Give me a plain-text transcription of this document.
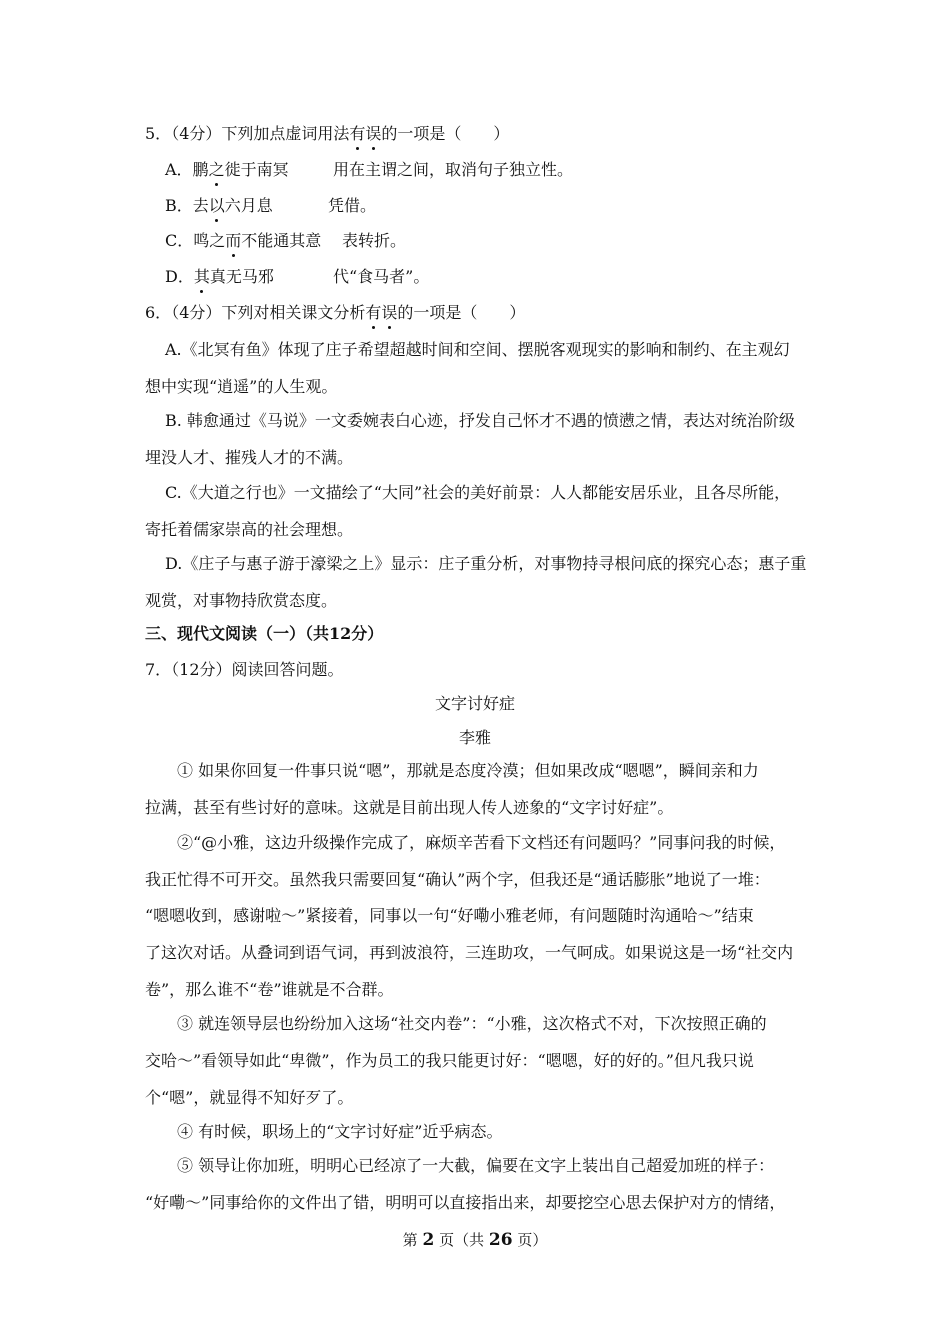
5．（4分）下列加点虚词用法有误的一项是（　　）

A．鹏之徙于南冥	用在主谓之间，取消句子独立性。

B．去以六月息	凭借。

C．鸣之而不能通其意 表转折。

D．其真无马邪	代“食马者”。

6．（4分）下列对相关课文分析有误的一项是（　　）

A.《北冥有鱼》体现了庄子希望超越时间和空间、摆脱客观现实的影响和制约、在主观幻

想中实现“逍遥”的人生观。

B. 韩愈通过《马说》一文委婉表白心迹，抒发自己怀才不遇的愤懑之情，表达对统治阶级

埋没人才、摧残人才的不满。

C.《大道之行也》一文描绘了“大同”社会的美好前景：人人都能安居乐业，且各尽所能，

寄托着儒家崇高的社会理想。

D.《庄子与惠子游于濠梁之上》显示：庄子重分析，对事物持寻根问底的探究心态；惠子重

观赏，对事物持欣赏态度。

三、现代文阅读（一）（共12分）

7．（12分）阅读回答问题。

文字讨好症

李雅

① 如果你回复一件事只说“嗯”，那就是态度冷漠；但如果改成“嗯嗯”，瞬间亲和力

拉满，甚至有些讨好的意味。这就是目前出现人传人迹象的“文字讨好症”。

②“@小雅，这边升级操作完成了，麻烦辛苦看下文档还有问题吗？”同事问我的时候，

我正忙得不可开交。虽然我只需要回复“确认”两个字，但我还是“通话膨胀”地说了一堆：

“嗯嗯收到，感谢啦～”紧接着，同事以一句“好嘞小雅老师，有问题随时沟通哈～”结束

了这次对话。从叠词到语气词，再到波浪符，三连助攻，一气呵成。如果说这是一场“社交内

卷”，那么谁不“卷”谁就是不合群。

③ 就连领导层也纷纷加入这场“社交内卷”：“小雅，这次格式不对，下次按照正确的

交哈～”看领导如此“卑微”，作为员工的我只能更讨好：“嗯嗯，好的好的。”但凡我只说

个“嗯”，就显得不知好歹了。

④ 有时候，职场上的“文字讨好症”近乎病态。

⑤ 领导让你加班，明明心已经凉了一大截，偏要在文字上装出自己超爱加班的样子：

“好嘞～”同事给你的文件出了错，明明可以直接指出来，却要挖空心思去保护对方的情绪，

第 2 页（共 26 页）
